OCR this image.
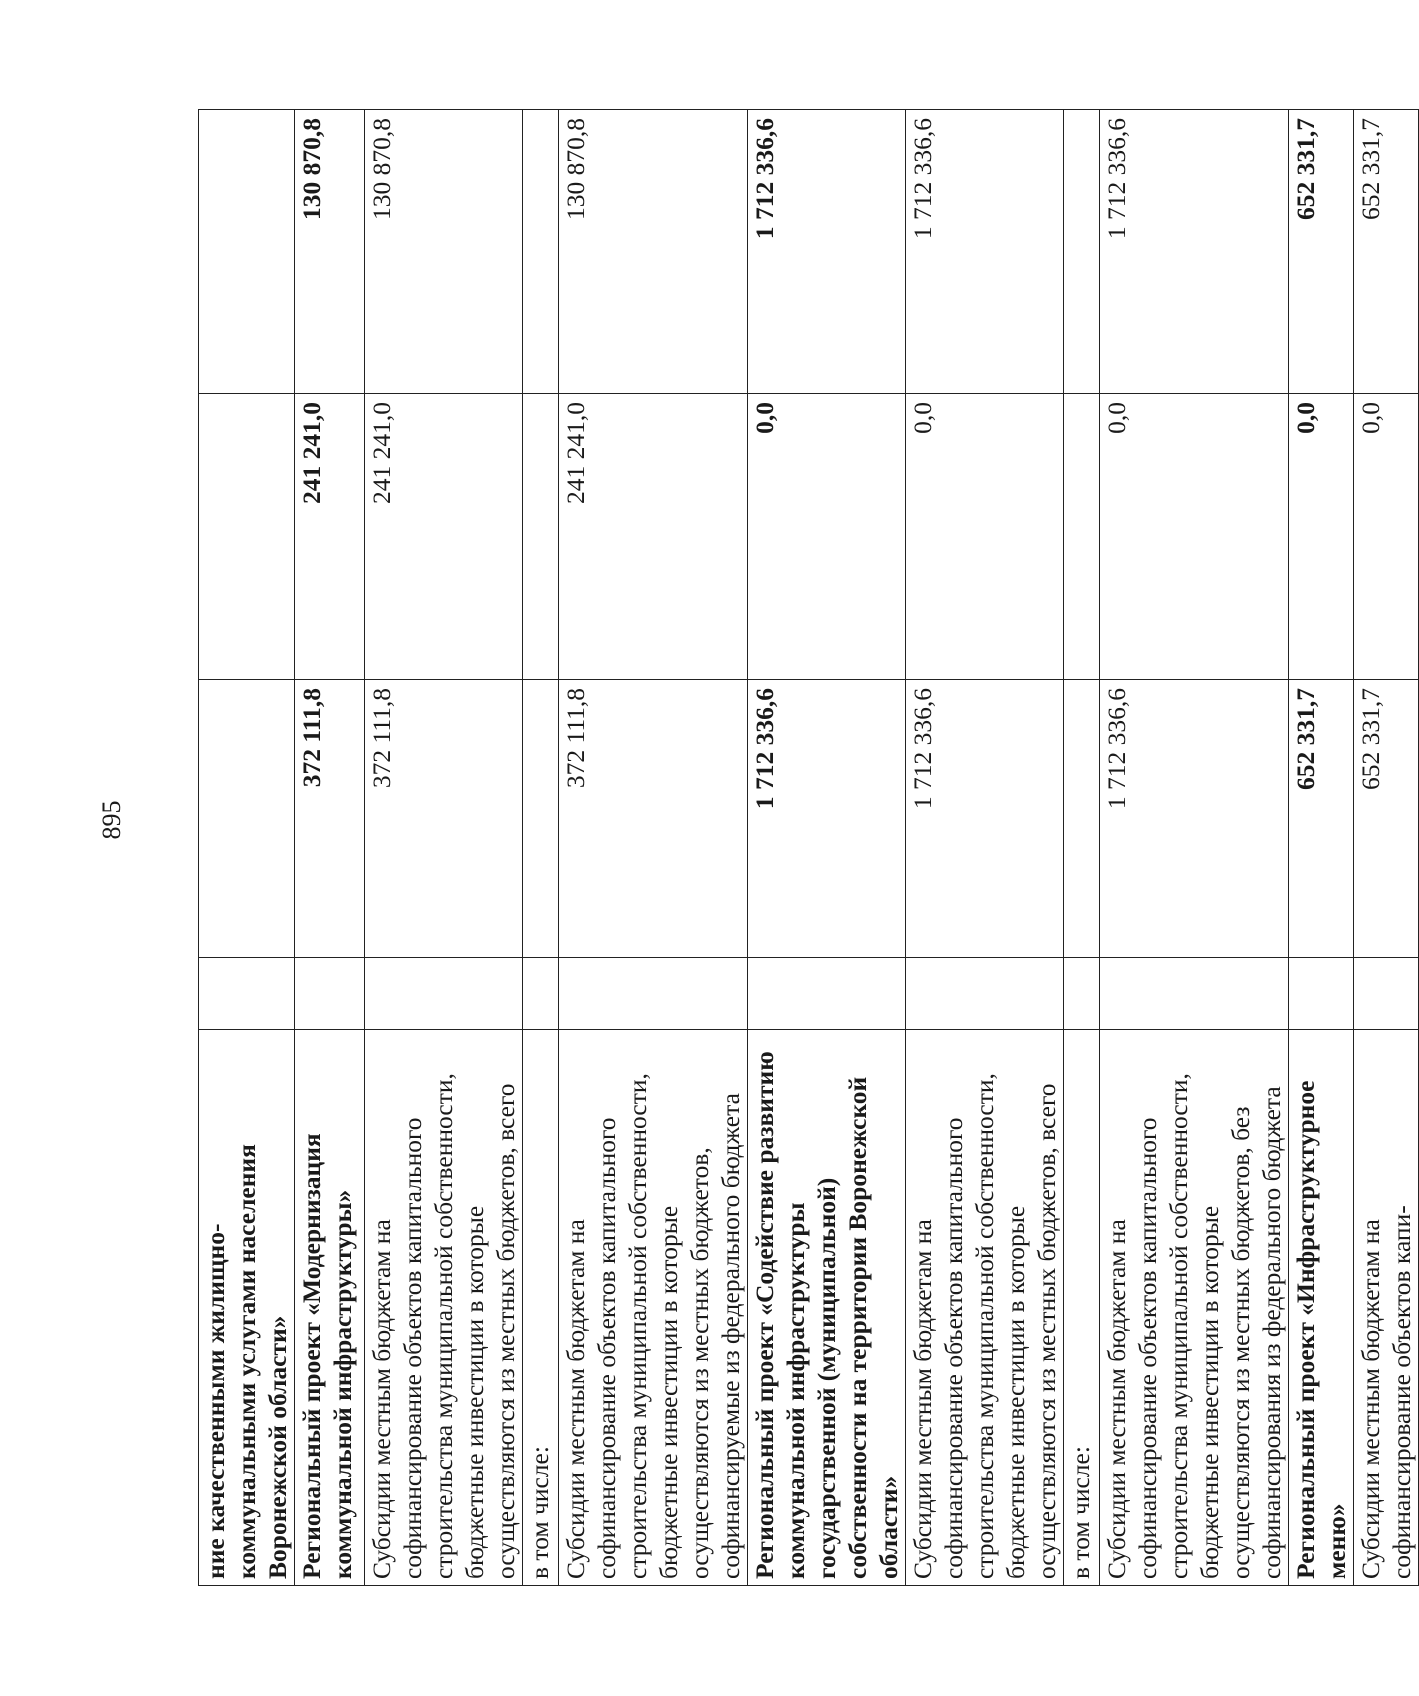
895
ние качественными жилищно-коммунальными услугами населения Воронежской области»				
Региональный проект «Модернизация коммунальной инфраструктуры»		372 111,8	241 241,0	130 870,8
Субсидии местным бюджетам на софинансирование объектов капитального строительства муниципальной собственности, бюджетные инвестиции в которые осуществляются из местных бюджетов, всего		372 111,8	241 241,0	130 870,8
в том числе:				
Субсидии местным бюджетам на софинансирование объектов капитального строительства муниципальной собственности, бюджетные инвестиции в которые осуществляются из местных бюджетов, софинансируемые из федерального бюджета		372 111,8	241 241,0	130 870,8
Региональный проект «Содействие развитию коммунальной инфраструктуры государственной (муниципальной) собственности на территории Воронежской области»		1 712 336,6	0,0	1 712 336,6
Субсидии местным бюджетам на софинансирование объектов капитального строительства муниципальной собственности, бюджетные инвестиции в которые осуществляются из местных бюджетов, всего		1 712 336,6	0,0	1 712 336,6
в том числе:				
Субсидии местным бюджетам на софинансирование объектов капитального строительства муниципальной собственности, бюджетные инвестиции в которые осуществляются из местных бюджетов, без софинансирования из федерального бюджета		1 712 336,6	0,0	1 712 336,6
Региональный проект «Инфраструктурное меню»		652 331,7	0,0	652 331,7
Субсидии местным бюджетам на софинансирование объектов капи-		652 331,7	0,0	652 331,7
